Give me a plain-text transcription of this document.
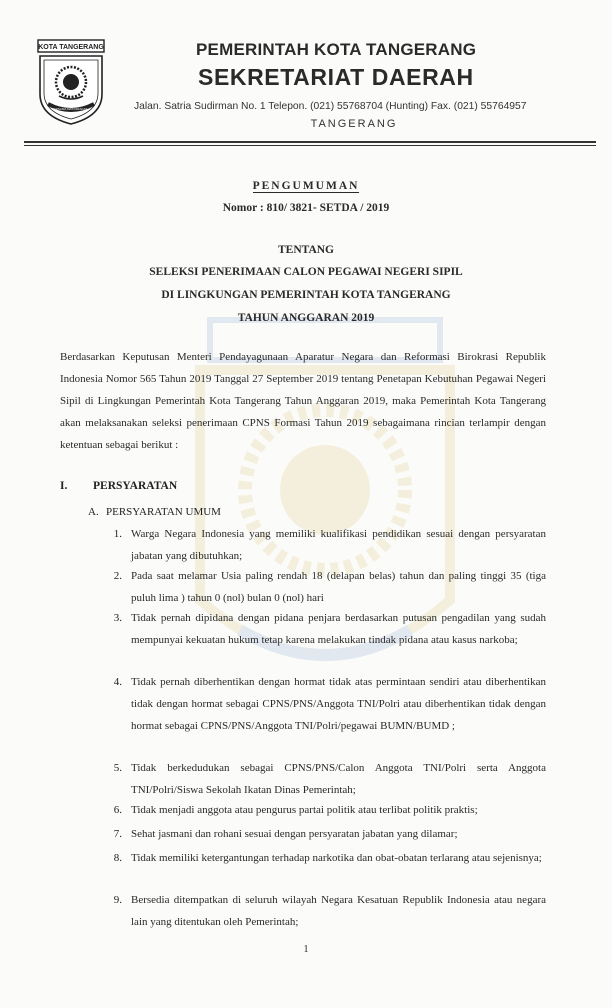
KOTA TANGERANG
BERSAMA MASYARAKAT ...
PEMERINTAH KOTA TANGERANG
SEKRETARIAT DAERAH
Jalan. Satria Sudirman No. 1 Telepon. (021) 55768704 (Hunting) Fax. (021) 55764957
TANGERANG
PENGUMUMAN
Nomor : 810/ 3821- SETDA / 2019
TENTANG
SELEKSI PENERIMAAN CALON PEGAWAI NEGERI SIPIL
DI LINGKUNGAN PEMERINTAH KOTA TANGERANG
TAHUN ANGGARAN 2019
Berdasarkan Keputusan Menteri Pendayagunaan Aparatur Negara dan Reformasi Birokrasi Republik Indonesia Nomor 565 Tahun 2019 Tanggal 27 September 2019 tentang Penetapan Kebutuhan Pegawai Negeri Sipil di Lingkungan Pemerintah Kota Tangerang Tahun Anggaran 2019, maka Pemerintah Kota Tangerang akan melaksanakan seleksi penerimaan CPNS Formasi Tahun 2019 sebagaimana rincian terlampir dengan ketentuan sebagai berikut :
I. PERSYARATAN
A. PERSYARATAN UMUM
1. Warga Negara Indonesia yang memiliki kualifikasi pendidikan sesuai dengan persyaratan jabatan yang dibutuhkan;
2. Pada saat melamar Usia paling rendah 18 (delapan belas) tahun dan paling tinggi 35 (tiga puluh lima ) tahun 0 (nol) bulan 0 (nol) hari
3. Tidak pernah dipidana dengan pidana penjara berdasarkan putusan pengadilan yang sudah mempunyai kekuatan hukum tetap karena melakukan tindak pidana atau kasus narkoba;
4. Tidak pernah diberhentikan dengan hormat tidak atas permintaan sendiri atau diberhentikan tidak dengan hormat sebagai CPNS/PNS/Anggota TNI/Polri atau diberhentikan tidak dengan hormat sebagai CPNS/PNS/Anggota TNI/Polri/pegawai BUMN/BUMD ;
5. Tidak berkedudukan sebagai CPNS/PNS/Calon Anggota TNI/Polri serta Anggota TNI/Polri/Siswa Sekolah Ikatan Dinas Pemerintah;
6. Tidak menjadi anggota atau pengurus partai politik atau terlibat politik praktis;
7. Sehat jasmani dan rohani sesuai dengan persyaratan jabatan yang dilamar;
8. Tidak memiliki ketergantungan terhadap narkotika dan obat-obatan terlarang atau sejenisnya;
9. Bersedia ditempatkan di seluruh wilayah Negara Kesatuan Republik Indonesia atau negara lain yang ditentukan oleh Pemerintah;
1
